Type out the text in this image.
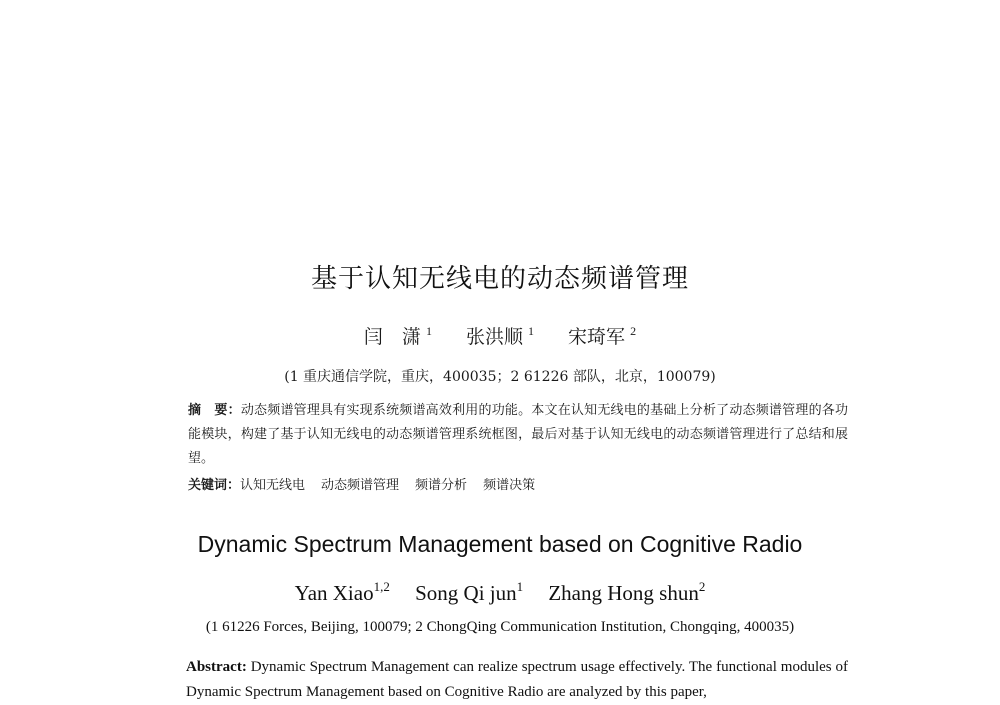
基于认知无线电的动态频谱管理
闫　潇 $^1$ 张洪顺 $^1$ 宋琦军 $^2$
(1 重庆通信学院，重庆，400035；2 61226 部队，北京，100079)
摘　要：动态频谱管理具有实现系统频谱高效利用的功能。本文在认知无线电的基础上分析了动态频谱管理的各功能模块，构建了基于认知无线电的动态频谱管理系统框图，最后对基于认知无线电的动态频谱管理进行了总结和展望。
关键词：认知无线电 动态频谱管理 频谱分析 频谱决策
Dynamic Spectrum Management based on Cognitive Radio
Yan Xiao$^{1,2}$ Song Qi jun$^1$ Zhang Hong shun$^2$
(1 61226 Forces, Beijing, 100079; 2 ChongQing Communication Institution, Chongqing, 400035)
Abstract: Dynamic Spectrum Management can realize spectrum usage effectively. The functional modules of Dynamic Spectrum Management based on Cognitive Radio are analyzed by this paper,
